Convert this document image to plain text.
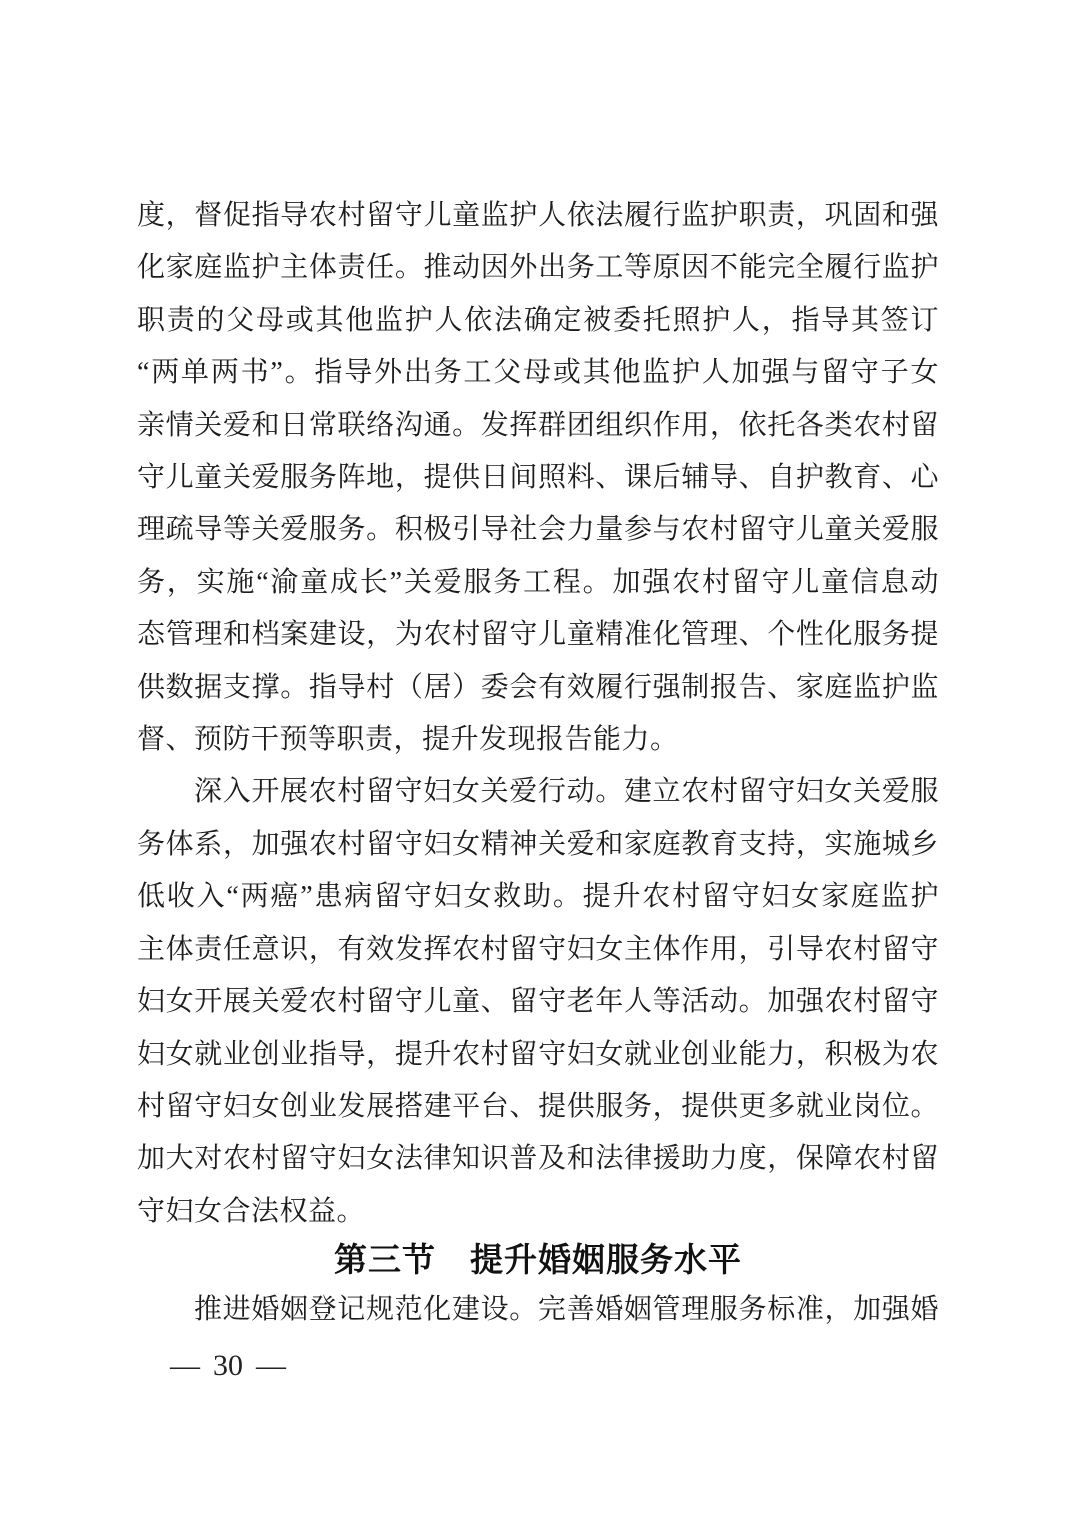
度，督促指导农村留守儿童监护人依法履行监护职责，巩固和强
化家庭监护主体责任。推动因外出务工等原因不能完全履行监护
职责的父母或其他监护人依法确定被委托照护人，指导其签订
“两单两书”。指导外出务工父母或其他监护人加强与留守子女
亲情关爱和日常联络沟通。发挥群团组织作用，依托各类农村留
守儿童关爱服务阵地，提供日间照料、课后辅导、自护教育、心
理疏导等关爱服务。积极引导社会力量参与农村留守儿童关爱服
务，实施“渝童成长”关爱服务工程。加强农村留守儿童信息动
态管理和档案建设，为农村留守儿童精准化管理、个性化服务提
供数据支撑。指导村（居）委会有效履行强制报告、家庭监护监
督、预防干预等职责，提升发现报告能力。
深入开展农村留守妇女关爱行动。建立农村留守妇女关爱服
务体系，加强农村留守妇女精神关爱和家庭教育支持，实施城乡
低收入“两癌”患病留守妇女救助。提升农村留守妇女家庭监护
主体责任意识，有效发挥农村留守妇女主体作用，引导农村留守
妇女开展关爱农村留守儿童、留守老年人等活动。加强农村留守
妇女就业创业指导，提升农村留守妇女就业创业能力，积极为农
村留守妇女创业发展搭建平台、提供服务，提供更多就业岗位。
加大对农村留守妇女法律知识普及和法律援助力度，保障农村留
守妇女合法权益。
第三节　提升婚姻服务水平
推进婚姻登记规范化建设。完善婚姻管理服务标准，加强婚
— 30 —
